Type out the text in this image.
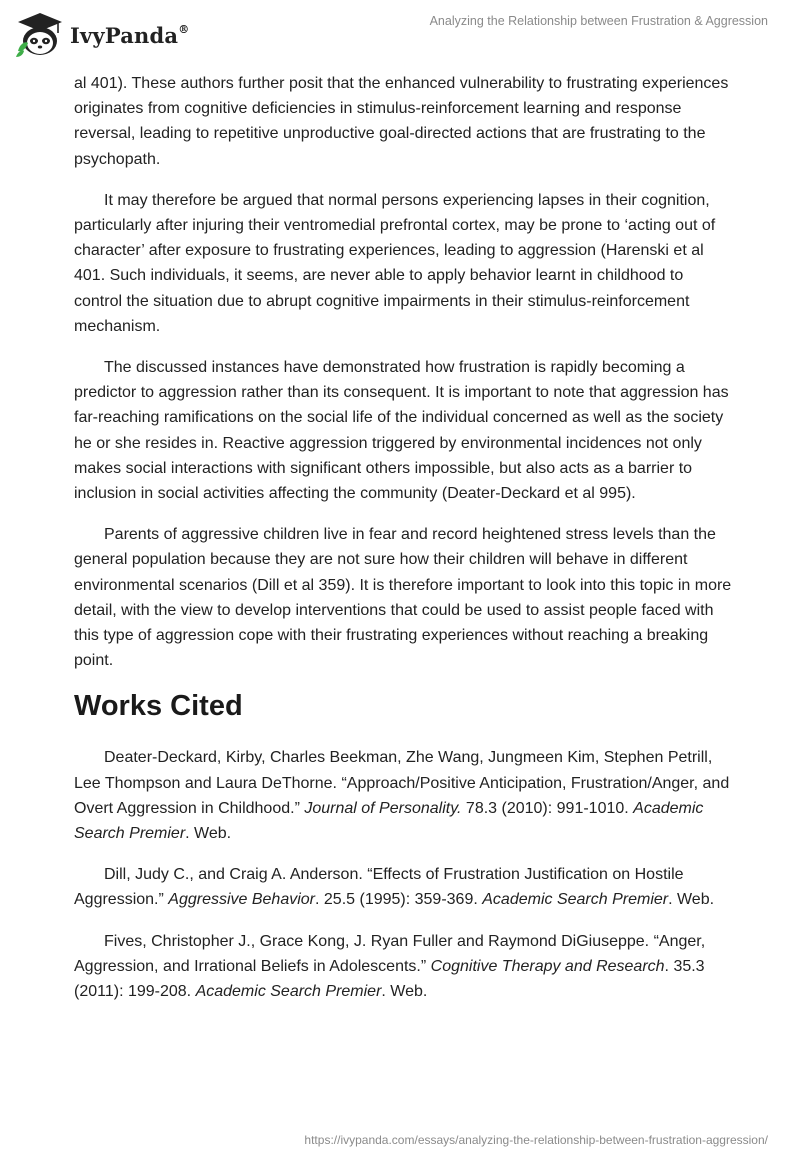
IvyPanda®
Analyzing the Relationship between Frustration & Aggression

al 401). These authors further posit that the enhanced vulnerability to frustrating experiences originates from cognitive deficiencies in stimulus-reinforcement learning and response reversal, leading to repetitive unproductive goal-directed actions that are frustrating to the psychopath.

It may therefore be argued that normal persons experiencing lapses in their cognition, particularly after injuring their ventromedial prefrontal cortex, may be prone to ‘acting out of character’ after exposure to frustrating experiences, leading to aggression (Harenski et al 401. Such individuals, it seems, are never able to apply behavior learnt in childhood to control the situation due to abrupt cognitive impairments in their stimulus-reinforcement mechanism.

The discussed instances have demonstrated how frustration is rapidly becoming a predictor to aggression rather than its consequent. It is important to note that aggression has far-reaching ramifications on the social life of the individual concerned as well as the society he or she resides in. Reactive aggression triggered by environmental incidences not only makes social interactions with significant others impossible, but also acts as a barrier to inclusion in social activities affecting the community (Deater-Deckard et al 995).

Parents of aggressive children live in fear and record heightened stress levels than the general population because they are not sure how their children will behave in different environmental scenarios (Dill et al 359). It is therefore important to look into this topic in more detail, with the view to develop interventions that could be used to assist people faced with this type of aggression cope with their frustrating experiences without reaching a breaking point.

Works Cited

Deater-Deckard, Kirby, Charles Beekman, Zhe Wang, Jungmeen Kim, Stephen Petrill, Lee Thompson and Laura DeThorne. “Approach/Positive Anticipation, Frustration/Anger, and Overt Aggression in Childhood.” Journal of Personality. 78.3 (2010): 991-1010. Academic Search Premier. Web.

Dill, Judy C., and Craig A. Anderson. “Effects of Frustration Justification on Hostile Aggression.” Aggressive Behavior. 25.5 (1995): 359-369. Academic Search Premier. Web.

Fives, Christopher J., Grace Kong, J. Ryan Fuller and Raymond DiGiuseppe. “Anger, Aggression, and Irrational Beliefs in Adolescents.” Cognitive Therapy and Research. 35.3 (2011): 199-208. Academic Search Premier. Web.

https://ivypanda.com/essays/analyzing-the-relationship-between-frustration-aggression/
